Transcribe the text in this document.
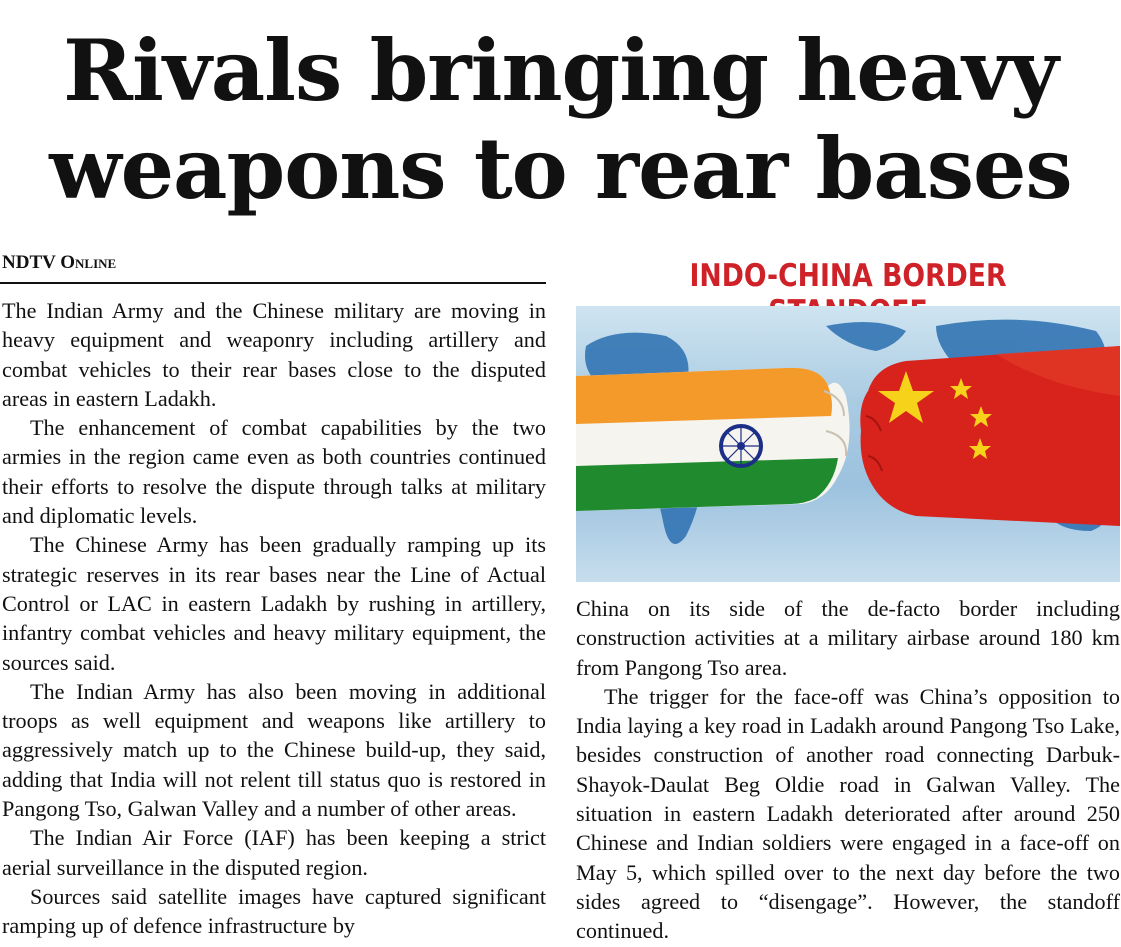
Rivals bringing heavy
weapons to rear bases
NDTV Online

The Indian Army and the Chinese military are moving in heavy equipment and weaponry including artillery and combat vehicles to their rear bases close to the disputed areas in eastern Ladakh.

The enhancement of combat capabilities by the two armies in the region came even as both countries continued their efforts to resolve the dispute through talks at military and diplomatic levels.

The Chinese Army has been gradually ramping up its strategic reserves in its rear bases near the Line of Actual Control or LAC in eastern Ladakh by rushing in artillery, infantry combat vehicles and heavy military equipment, the sources said.

The Indian Army has also been moving in additional troops as well equipment and weapons like artillery to aggressively match up to the Chinese build-up, they said, adding that India will not relent till status quo is restored in Pangong Tso, Galwan Valley and a number of other areas.

The Indian Air Force (IAF) has been keeping a strict aerial surveillance in the disputed region.

Sources said satellite images have captured significant ramping up of defence infrastructure by

INDO-CHINA BORDER

China on its side of the de-facto border including construction activities at a military airbase around 180 km from Pangong Tso area.

The trigger for the face-off was China’s opposition to India laying a key road in Ladakh around Pangong Tso Lake, besides construction of another road connecting Darbuk-Shayok-Daulat Beg Oldie road in Galwan Valley. The situation in eastern Ladakh deteriorated after around 250 Chinese and Indian soldiers were engaged in a face-off on May 5, which spilled over to the next day before the two sides agreed to “disengage”. However, the standoff continued.
